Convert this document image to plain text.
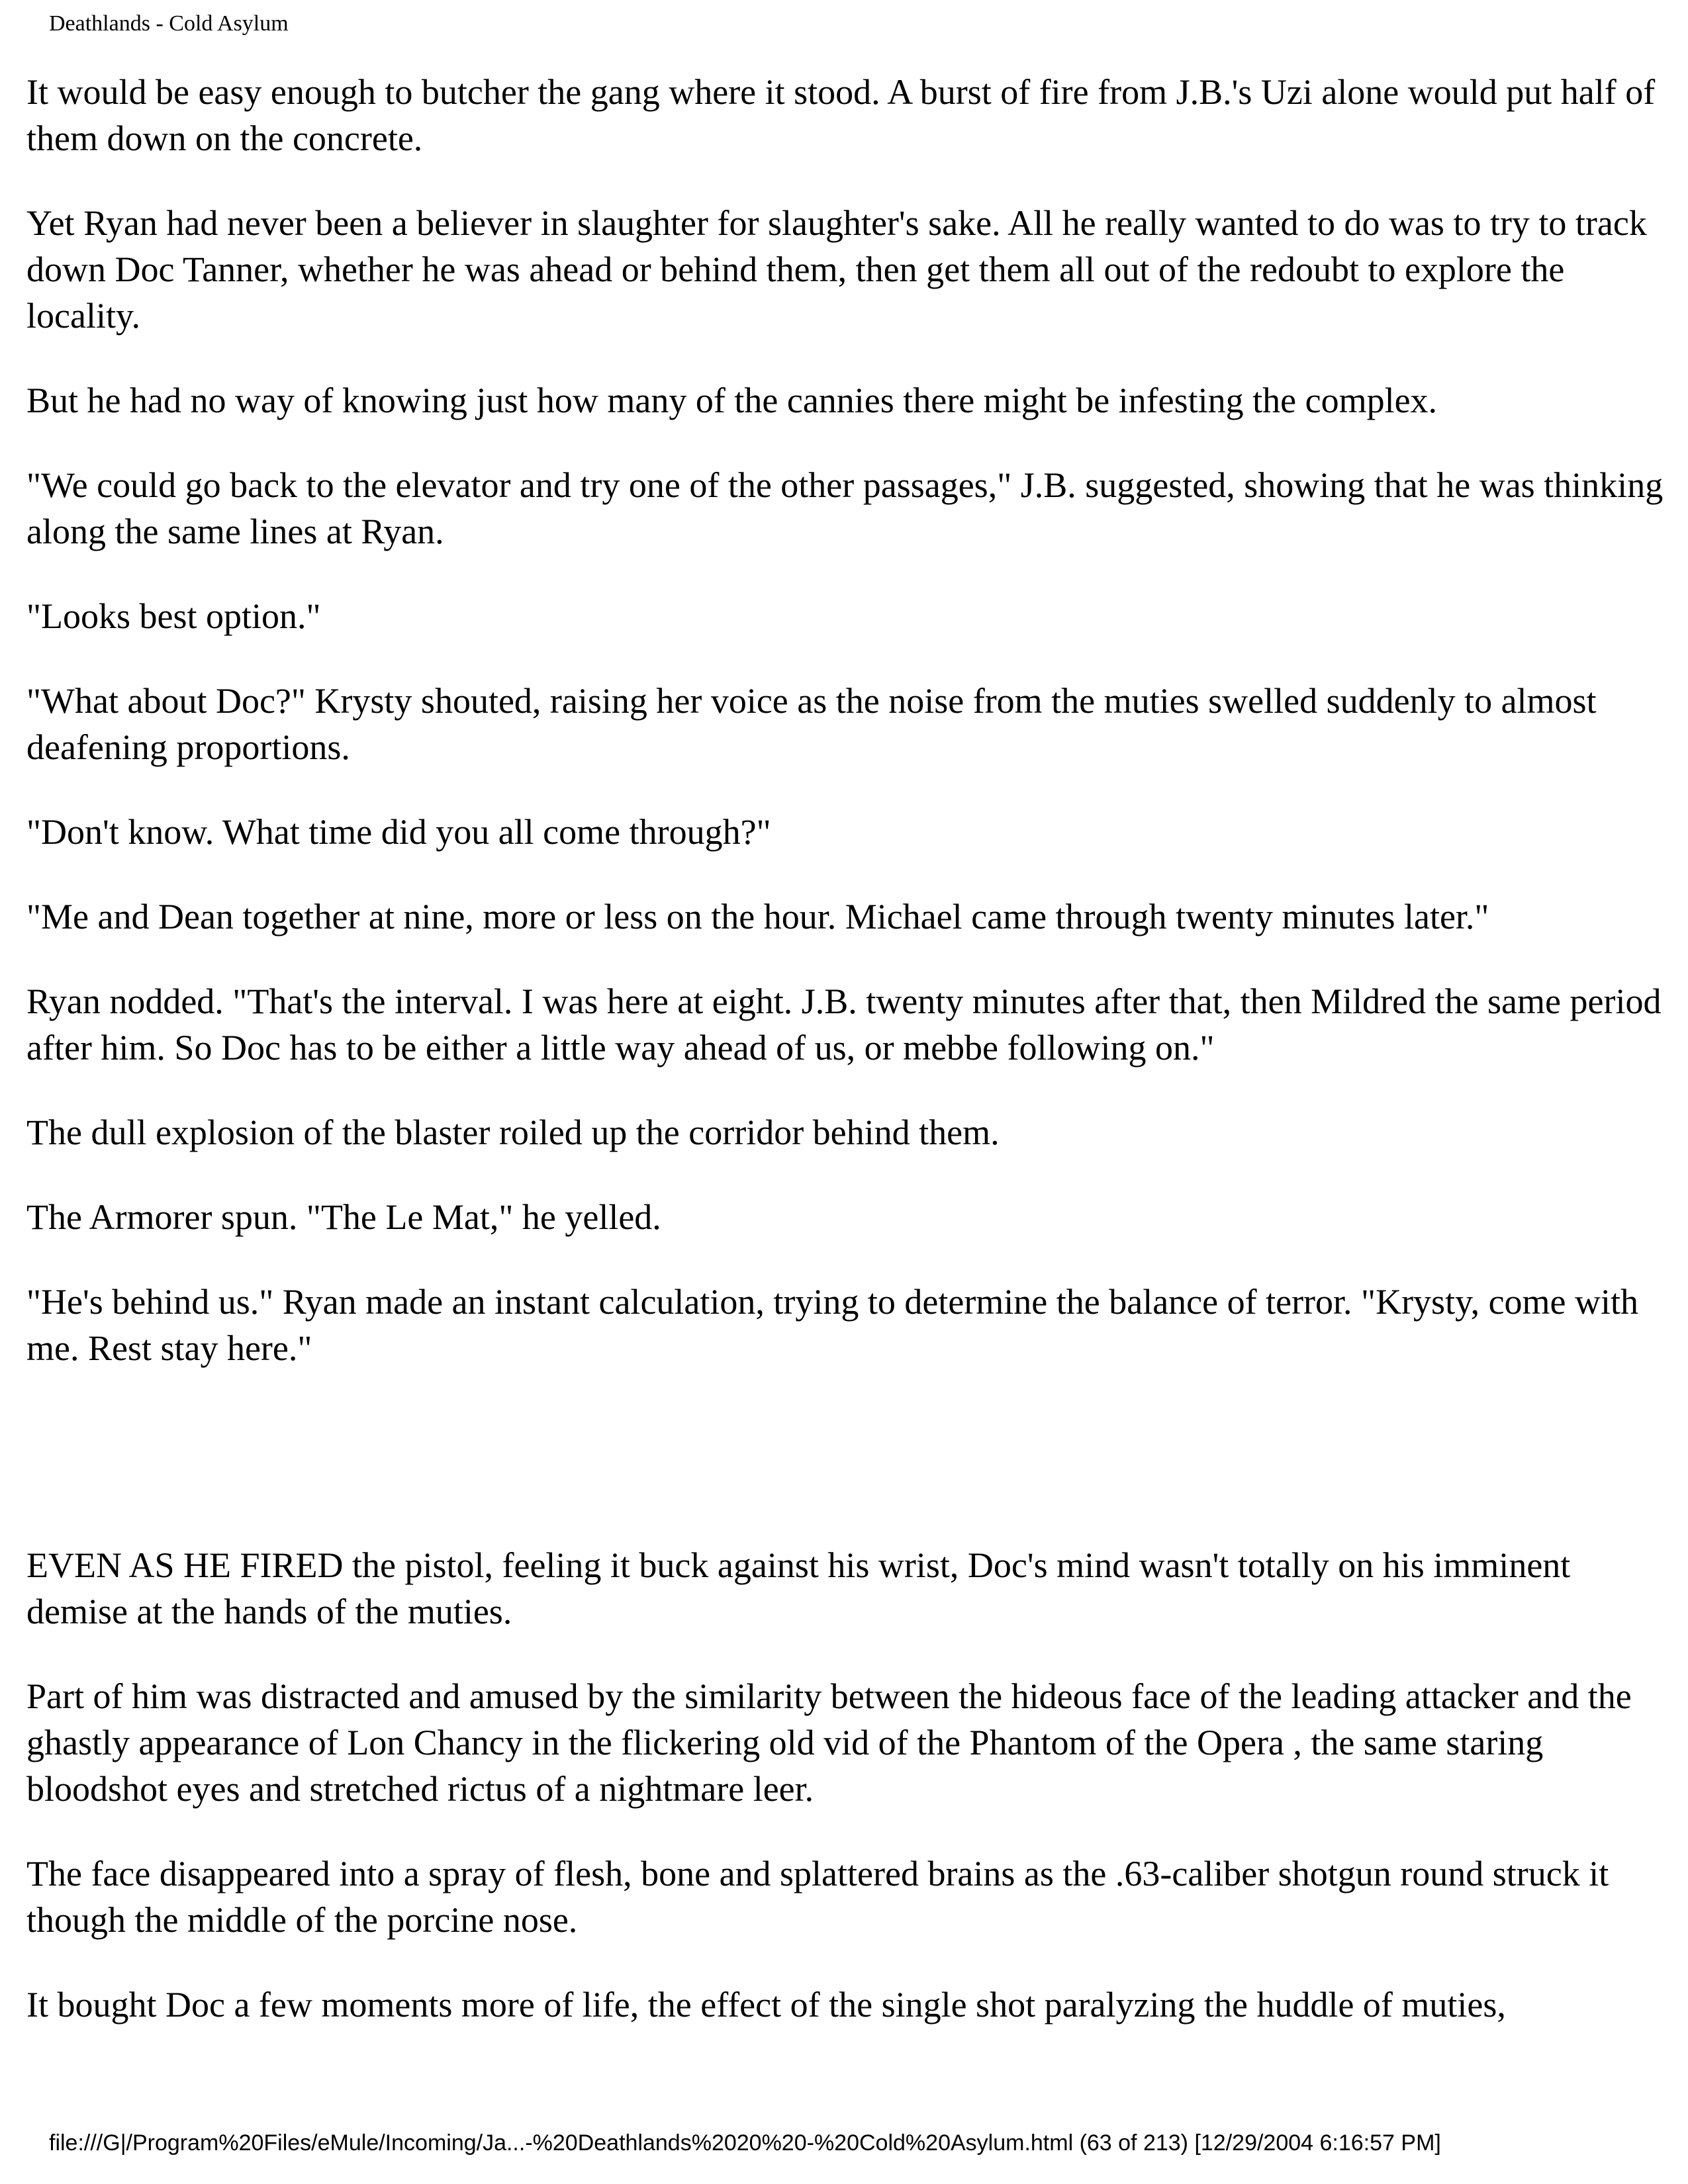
Deathlands - Cold Asylum

It would be easy enough to butcher the gang where it stood. A burst of fire from J.B.'s Uzi alone would put half of them down on the concrete.

Yet Ryan had never been a believer in slaughter for slaughter's sake. All he really wanted to do was to try to track down Doc Tanner, whether he was ahead or behind them, then get them all out of the redoubt to explore the locality.

But he had no way of knowing just how many of the cannies there might be infesting the complex.

"We could go back to the elevator and try one of the other passages," J.B. suggested, showing that he was thinking along the same lines at Ryan.

"Looks best option."

"What about Doc?" Krysty shouted, raising her voice as the noise from the muties swelled suddenly to almost deafening proportions.

"Don't know. What time did you all come through?"

"Me and Dean together at nine, more or less on the hour. Michael came through twenty minutes later."

Ryan nodded. "That's the interval. I was here at eight. J.B. twenty minutes after that, then Mildred the same period after him. So Doc has to be either a little way ahead of us, or mebbe following on."

The dull explosion of the blaster roiled up the corridor behind them.

The Armorer spun. "The Le Mat," he yelled.

"He's behind us." Ryan made an instant calculation, trying to determine the balance of terror. "Krysty, come with me. Rest stay here."

EVEN AS HE FIRED the pistol, feeling it buck against his wrist, Doc's mind wasn't totally on his imminent demise at the hands of the muties.

Part of him was distracted and amused by the similarity between the hideous face of the leading attacker and the ghastly appearance of Lon Chancy in the flickering old vid of the Phantom of the Opera , the same staring bloodshot eyes and stretched rictus of a nightmare leer.

The face disappeared into a spray of flesh, bone and splattered brains as the .63-caliber shotgun round struck it though the middle of the porcine nose.

It bought Doc a few moments more of life, the effect of the single shot paralyzing the huddle of muties,

file:///G|/Program%20Files/eMule/Incoming/Ja...-%20Deathlands%2020%20-%20Cold%20Asylum.html (63 of 213) [12/29/2004 6:16:57 PM]
